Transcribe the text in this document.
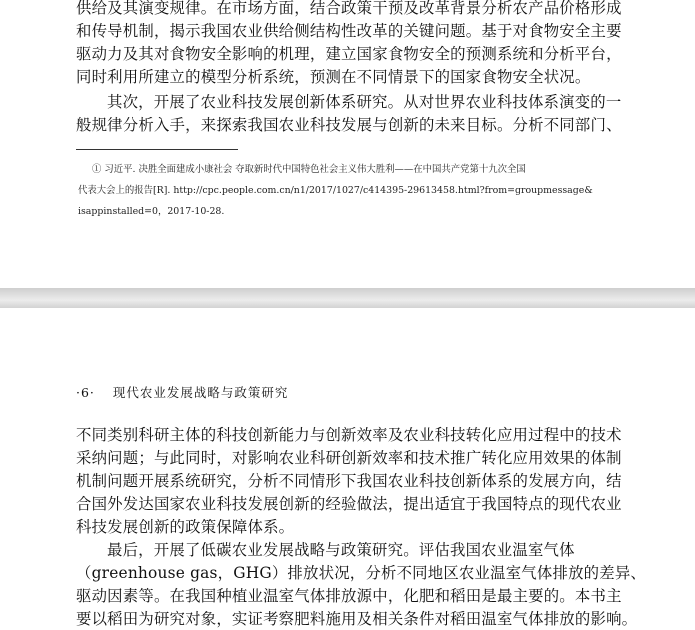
供给及其演变规律。在市场方面，结合政策干预及改革背景分析农产品价格形成
和传导机制，揭示我国农业供给侧结构性改革的关键问题。基于对食物安全主要
驱动力及其对食物安全影响的机理，建立国家食物安全的预测系统和分析平台，
同时利用所建立的模型分析系统，预测在不同情景下的国家食物安全状况。
其次，开展了农业科技发展创新体系研究。从对世界农业科技体系演变的一
般规律分析入手，来探索我国农业科技发展与创新的未来目标。分析不同部门、
① 习近平. 决胜全面建成小康社会 夺取新时代中国特色社会主义伟大胜利——在中国共产党第十九次全国
代表大会上的报告[R]. http://cpc.people.com.cn/n1/2017/1027/c414395-29613458.html?from=groupmessage&
isappinstalled=0，2017-10-28.
·6· 现代农业发展战略与政策研究
不同类别科研主体的科技创新能力与创新效率及农业科技转化应用过程中的技术
采纳问题；与此同时，对影响农业科研创新效率和技术推广转化应用效果的体制
机制问题开展系统研究，分析不同情形下我国农业科技创新体系的发展方向，结
合国外发达国家农业科技发展创新的经验做法，提出适宜于我国特点的现代农业
科技发展创新的政策保障体系。
最后，开展了低碳农业发展战略与政策研究。评估我国农业温室气体
（greenhouse gas，GHG）排放状况，分析不同地区农业温室气体排放的差异、
驱动因素等。在我国种植业温室气体排放源中，化肥和稻田是最主要的。本书主
要以稻田为研究对象，实证考察肥料施用及相关条件对稻田温室气体排放的影响。
